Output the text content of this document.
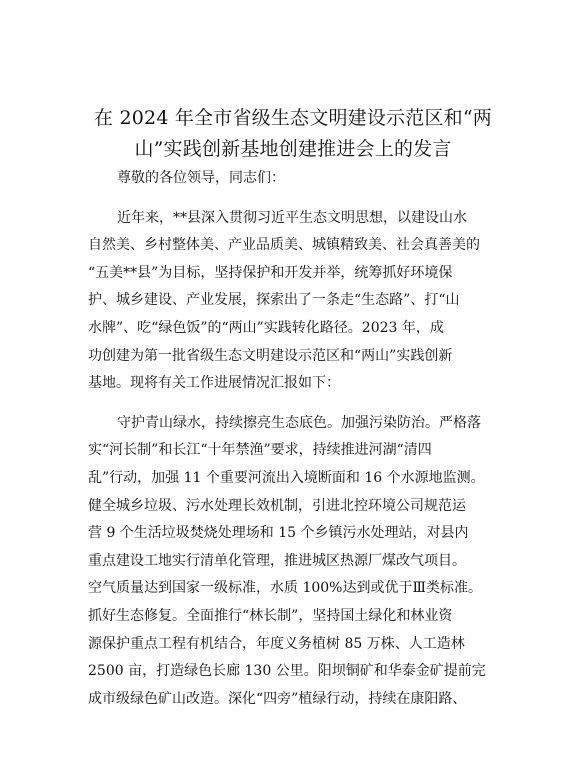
在 2024 年全市省级生态文明建设示范区和“两
山”实践创新基地创建推进会上的发言
尊敬的各位领导，同志们：
近年来，**县深入贯彻习近平生态文明思想，以建设山水
自然美、乡村整体美、产业品质美、城镇精致美、社会真善美的
“五美**县”为目标，坚持保护和开发并举，统筹抓好环境保
护、城乡建设、产业发展，探索出了一条走“生态路”、打“山
水牌”、吃“绿色饭”的“两山”实践转化路径。2023 年，成
功创建为第一批省级生态文明建设示范区和“两山”实践创新
基地。现将有关工作进展情况汇报如下：
守护青山绿水，持续擦亮生态底色。加强污染防治。严格落
实“河长制”和长江“十年禁渔”要求，持续推进河湖“清四
乱”行动，加强 11 个重要河流出入境断面和 16 个水源地监测。
健全城乡垃圾、污水处理长效机制，引进北控环境公司规范运
营 9 个生活垃圾焚烧处理场和 15 个乡镇污水处理站，对县内
重点建设工地实行清单化管理，推进城区热源厂煤改气项目。
空气质量达到国家一级标准，水质 100%达到或优于Ⅲ类标准。
抓好生态修复。全面推行“林长制”，坚持国土绿化和林业资
源保护重点工程有机结合，年度义务植树 85 万株、人工造林
2500 亩，打造绿色长廊 130 公里。阳坝铜矿和华泰金矿提前完
成市级绿色矿山改造。深化“四旁”植绿行动，持续在康阳路、
